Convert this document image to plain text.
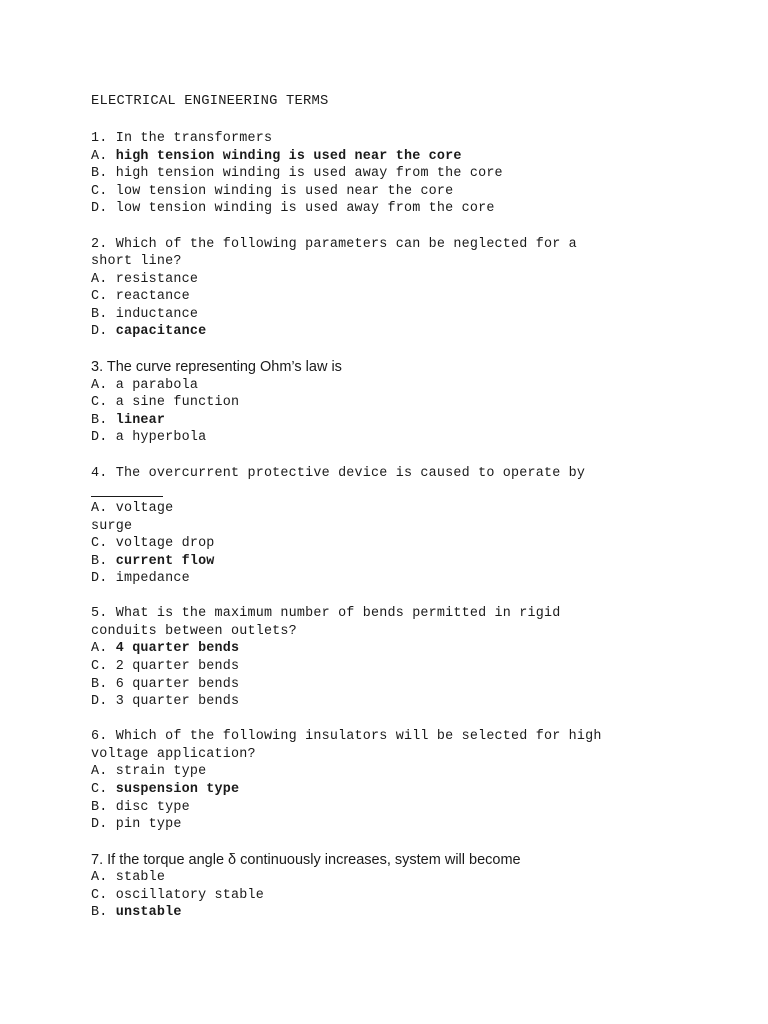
ELECTRICAL ENGINEERING TERMS
1. In the transformers
A. high tension winding is used near the core
B. high tension winding is used away from the core
C. low tension winding is used near the core
D. low tension winding is used away from the core
2. Which of the following parameters can be neglected for a
short line?
A. resistance
C. reactance
B. inductance
D. capacitance
3. The curve representing Ohm’s law is
A. a parabola
C. a sine function
B. linear
D. a hyperbola
4. The overcurrent protective device is caused to operate by
A. voltage
surge
C. voltage drop
B. current flow
D. impedance
5. What is the maximum number of bends permitted in rigid
conduits between outlets?
A. 4 quarter bends
C. 2 quarter bends
B. 6 quarter bends
D. 3 quarter bends
6. Which of the following insulators will be selected for high
voltage application?
A. strain type
C. suspension type
B. disc type
D. pin type
7. If the torque angle δ continuously increases, system will become
A. stable
C. oscillatory stable
B. unstable
